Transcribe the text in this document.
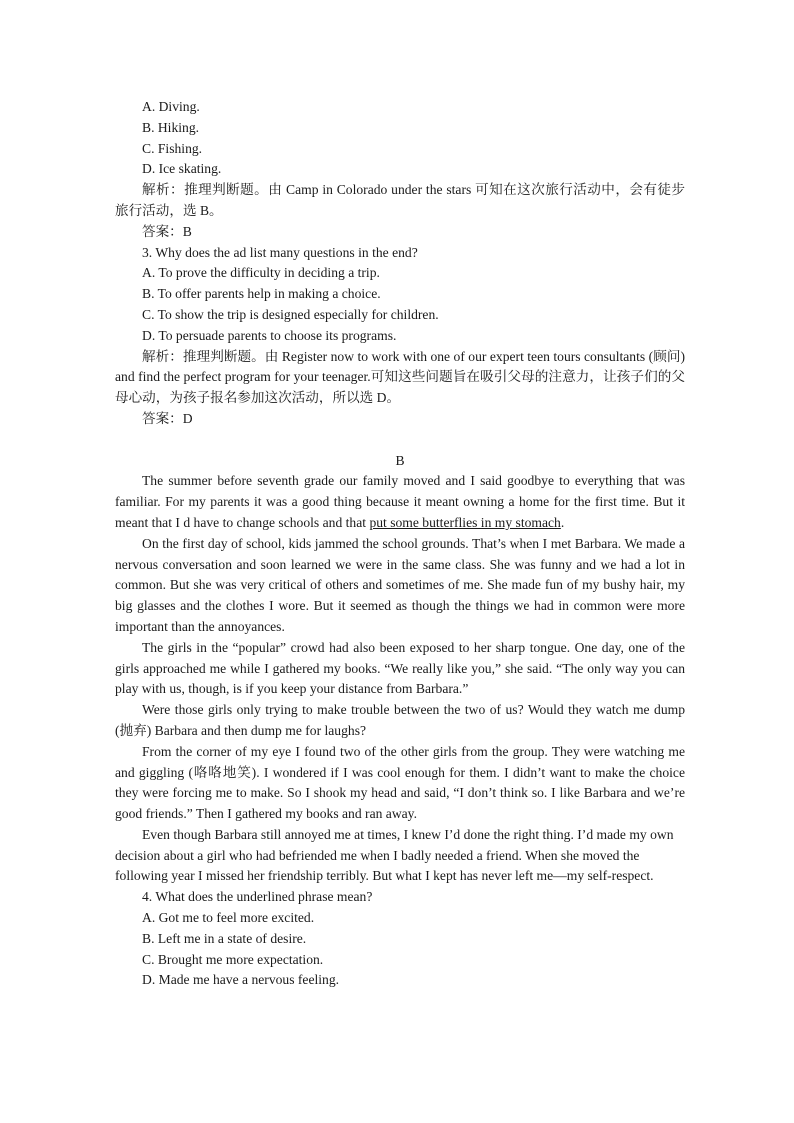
A. Diving.
B. Hiking.
C. Fishing.
D. Ice skating.
解析：推理判断题。由 Camp in Colorado under the stars 可知在这次旅行活动中，会有徒步旅行活动，选 B。
答案：B
3. Why does the ad list many questions in the end?
A. To prove the difficulty in deciding a trip.
B. To offer parents help in making a choice.
C. To show the trip is designed especially for children.
D. To persuade parents to choose its programs.
解析：推理判断题。由 Register now to work with one of our expert teen tours consultants (顾问) and find the perfect program for your teenager.可知这些问题旨在吸引父母的注意力，让孩子们的父母心动，为孩子报名参加这次活动，所以选 D。
答案：D
B
The summer before seventh grade our family moved and I said goodbye to everything that was familiar. For my parents it was a good thing because it meant owning a home for the first time. But it meant that I d have to change schools and that put some butterflies in my stomach.
On the first day of school, kids jammed the school grounds. That’s when I met Barbara. We made a nervous conversation and soon learned we were in the same class. She was funny and we had a lot in common. But she was very critical of others and sometimes of me. She made fun of my bushy hair, my big glasses and the clothes I wore. But it seemed as though the things we had in common were more important than the annoyances.
The girls in the “popular” crowd had also been exposed to her sharp tongue. One day, one of the girls approached me while I gathered my books. “We really like you,” she said. “The only way you can play with us, though, is if you keep your distance from Barbara.”
Were those girls only trying to make trouble between the two of us? Would they watch me dump (抛弃) Barbara and then dump me for laughs?
From the corner of my eye I found two of the other girls from the group. They were watching me and giggling (咯咯地笑). I wondered if I was cool enough for them. I didn’t want to make the choice they were forcing me to make. So I shook my head and said, “I don’t think so. I like Barbara and we’re good friends.” Then I gathered my books and ran away.
Even though Barbara still annoyed me at times, I knew I’d done the right thing. I’d made my own decision about a girl who had befriended me when I badly needed a friend. When she moved the following year I missed her friendship terribly. But what I kept has never left me—my self-respect.
4. What does the underlined phrase mean?
A. Got me to feel more excited.
B. Left me in a state of desire.
C. Brought me more expectation.
D. Made me have a nervous feeling.
